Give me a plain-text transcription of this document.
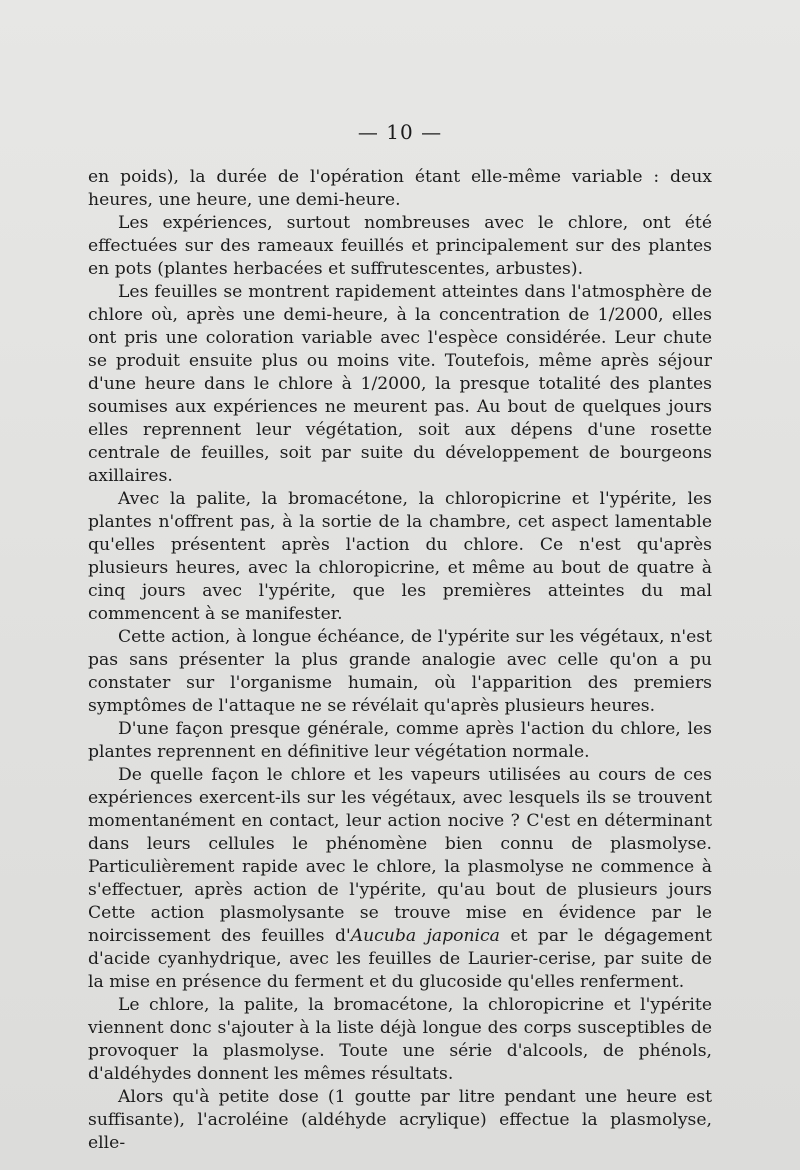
— 10 —

en poids), la durée de l'opération étant elle-même variable : deux heures, une heure, une demi-heure.

Les expériences, surtout nombreuses avec le chlore, ont été effectuées sur des rameaux feuillés et principalement sur des plantes en pots (plantes herbacées et suffrutescentes, arbustes).

Les feuilles se montrent rapidement atteintes dans l'atmosphère de chlore où, après une demi-heure, à la concentration de 1/2000, elles ont pris une coloration variable avec l'espèce considérée. Leur chute se produit ensuite plus ou moins vite. Toutefois, même après séjour d'une heure dans le chlore à 1/2000, la presque totalité des plantes soumises aux expériences ne meurent pas. Au bout de quelques jours elles reprennent leur végétation, soit aux dépens d'une rosette centrale de feuilles, soit par suite du développement de bourgeons axillaires.

Avec la palite, la bromacétone, la chloropicrine et l'ypérite, les plantes n'offrent pas, à la sortie de la chambre, cet aspect lamentable qu'elles présentent après l'action du chlore. Ce n'est qu'après plusieurs heures, avec la chloropicrine, et même au bout de quatre à cinq jours avec l'ypérite, que les premières atteintes du mal commencent à se manifester.

Cette action, à longue échéance, de l'ypérite sur les végétaux, n'est pas sans présenter la plus grande analogie avec celle qu'on a pu constater sur l'organisme humain, où l'apparition des premiers symptômes de l'attaque ne se révélait qu'après plusieurs heures.

D'une façon presque générale, comme après l'action du chlore, les plantes reprennent en définitive leur végétation normale.

De quelle façon le chlore et les vapeurs utilisées au cours de ces expériences exercent-ils sur les végétaux, avec lesquels ils se trouvent momentanément en contact, leur action nocive ? C'est en déterminant dans leurs cellules le phénomène bien connu de plasmolyse. Particulièrement rapide avec le chlore, la plasmolyse ne commence à s'effectuer, après action de l'ypérite, qu'au bout de plusieurs jours Cette action plasmolysante se trouve mise en évidence par le noircissement des feuilles d'Aucuba japonica et par le dégagement d'acide cyanhydrique, avec les feuilles de Laurier-cerise, par suite de la mise en présence du ferment et du glucoside qu'elles renferment.

Le chlore, la palite, la bromacétone, la chloropicrine et l'ypérite viennent donc s'ajouter à la liste déjà longue des corps susceptibles de provoquer la plasmolyse. Toute une série d'alcools, de phénols, d'aldéhydes donnent les mêmes résultats.

Alors qu'à petite dose (1 goutte par litre pendant une heure est suffisante), l'acroléine (aldéhyde acrylique) effectue la plasmolyse, elle-
